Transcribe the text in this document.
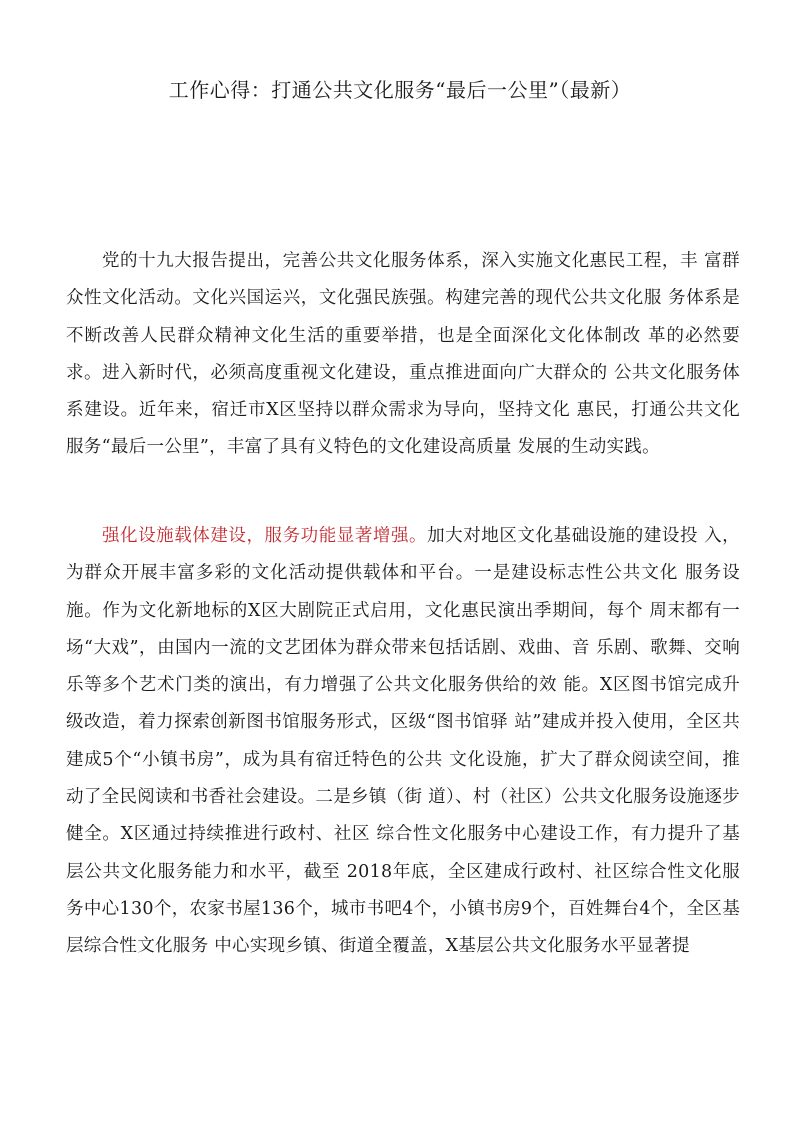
工作心得：打通公共文化服务“最后一公里”（最新）

党的十九大报告提出，完善公共文化服务体系，深入实施文化惠民工程，丰 富群众性文化活动。文化兴国运兴，文化强民族强。构建完善的现代公共文化服 务体系是不断改善人民群众精神文化生活的重要举措，也是全面深化文化体制改 革的必然要求。进入新时代，必须高度重视文化建设，重点推进面向广大群众的 公共文化服务体系建设。近年来，宿迁市X区坚持以群众需求为导向，坚持文化 惠民，打通公共文化服务“最后一公里”，丰富了具有义特色的文化建设高质量 发展的生动实践。

强化设施载体建设，服务功能显著增强。加大对地区文化基础设施的建设投 入，为群众开展丰富多彩的文化活动提供载体和平台。一是建设标志性公共文化 服务设施。作为文化新地标的X区大剧院正式启用，文化惠民演出季期间，每个 周末都有一场“大戏”，由国内一流的文艺团体为群众带来包括话剧、戏曲、音 乐剧、歌舞、交响乐等多个艺术门类的演出，有力增强了公共文化服务供给的效 能。X区图书馆完成升级改造，着力探索创新图书馆服务形式，区级“图书馆驿 站”建成并投入使用，全区共建成5个“小镇书房”，成为具有宿迁特色的公共 文化设施，扩大了群众阅读空间，推动了全民阅读和书香社会建设。二是乡镇（街 道）、村（社区）公共文化服务设施逐步健全。X区通过持续推进行政村、社区 综合性文化服务中心建设工作，有力提升了基层公共文化服务能力和水平，截至 2018年底，全区建成行政村、社区综合性文化服务中心130个，农家书屋136个，城市书吧4个，小镇书房9个，百姓舞台4个，全区基层综合性文化服务 中心实现乡镇、街道全覆盖，X基层公共文化服务水平显著提
